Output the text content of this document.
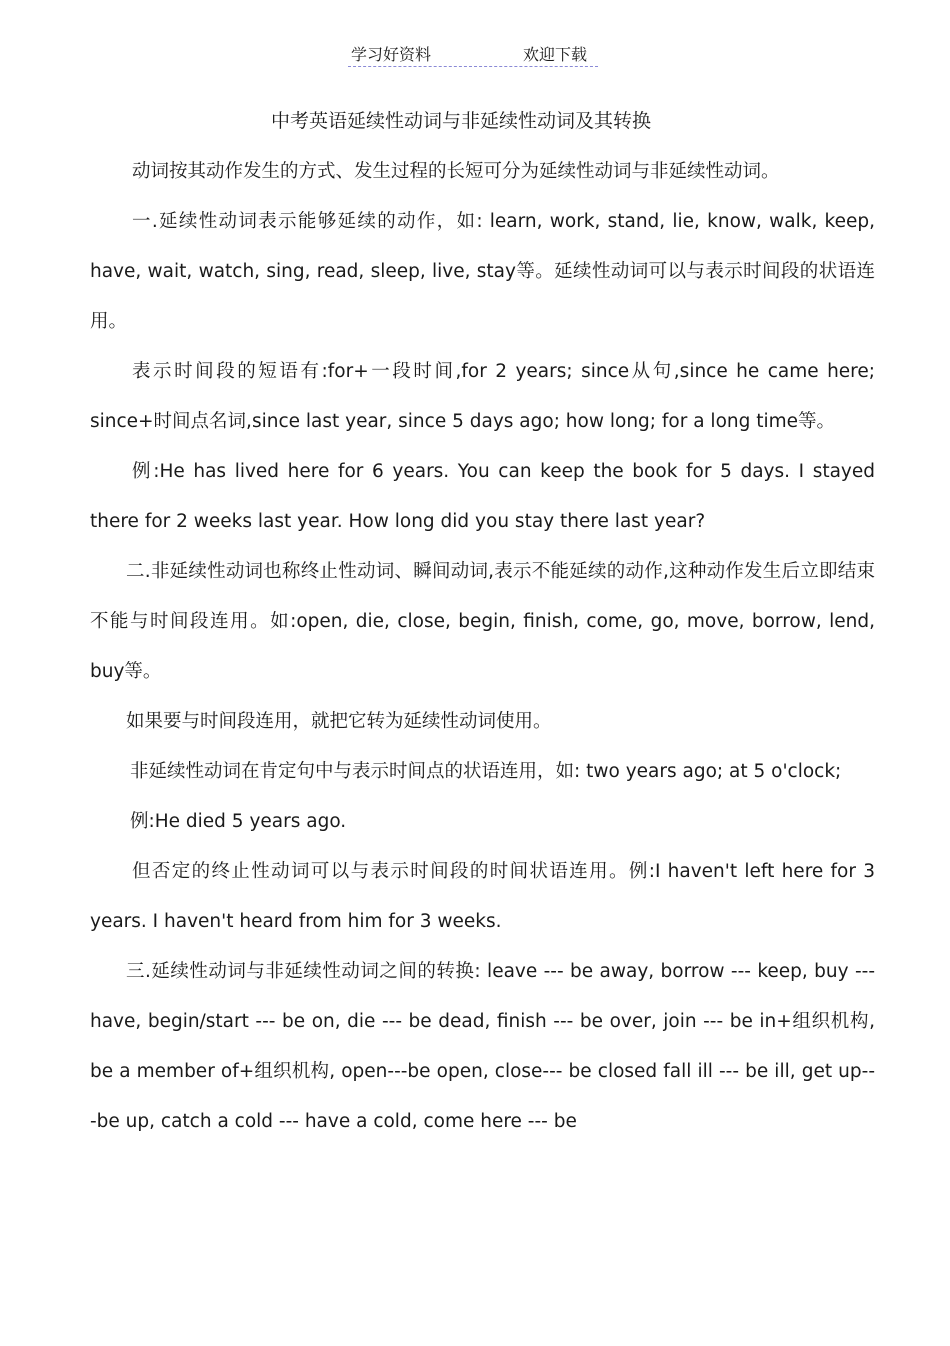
学习好资料	欢迎下载
中考英语延续性动词与非延续性动词及其转换

动词按其动作发生的方式、发生过程的长短可分为延续性动词与非延续性动词。

一.延续性动词表示能够延续的动作，如: learn, work, stand, lie, know, walk, keep, have, wait, watch, sing, read, sleep, live, stay等。延续性动词可以与表示时间段的状语连用。

表示时间段的短语有:for+一段时间,for 2 years; since从句,since he came here; since+时间点名词,since last year, since 5 days ago; how long; for a long time等。

例:He has lived here for 6 years. You can keep the book for 5 days. I stayed there for 2 weeks last year. How long did you stay there last year?

二.非延续性动词也称终止性动词、瞬间动词,表示不能延续的动作,这种动作发生后立即结束不能与时间段连用。如:open, die, close, begin, finish, come, go, move, borrow, lend, buy等。

如果要与时间段连用，就把它转为延续性动词使用。

非延续性动词在肯定句中与表示时间点的状语连用，如: two years ago; at 5 o'clock;

例:He died 5 years ago.

但否定的终止性动词可以与表示时间段的时间状语连用。例:I haven't left here for 3 years. I haven't heard from him for 3 weeks.

三.延续性动词与非延续性动词之间的转换: leave --- be away, borrow --- keep, buy --- have, begin/start --- be on, die --- be dead, finish --- be over, join --- be in+组织机构, be a member of+组织机构, open---be open, close--- be closed fall ill --- be ill, get up---be up, catch a cold --- have a cold, come here --- be
